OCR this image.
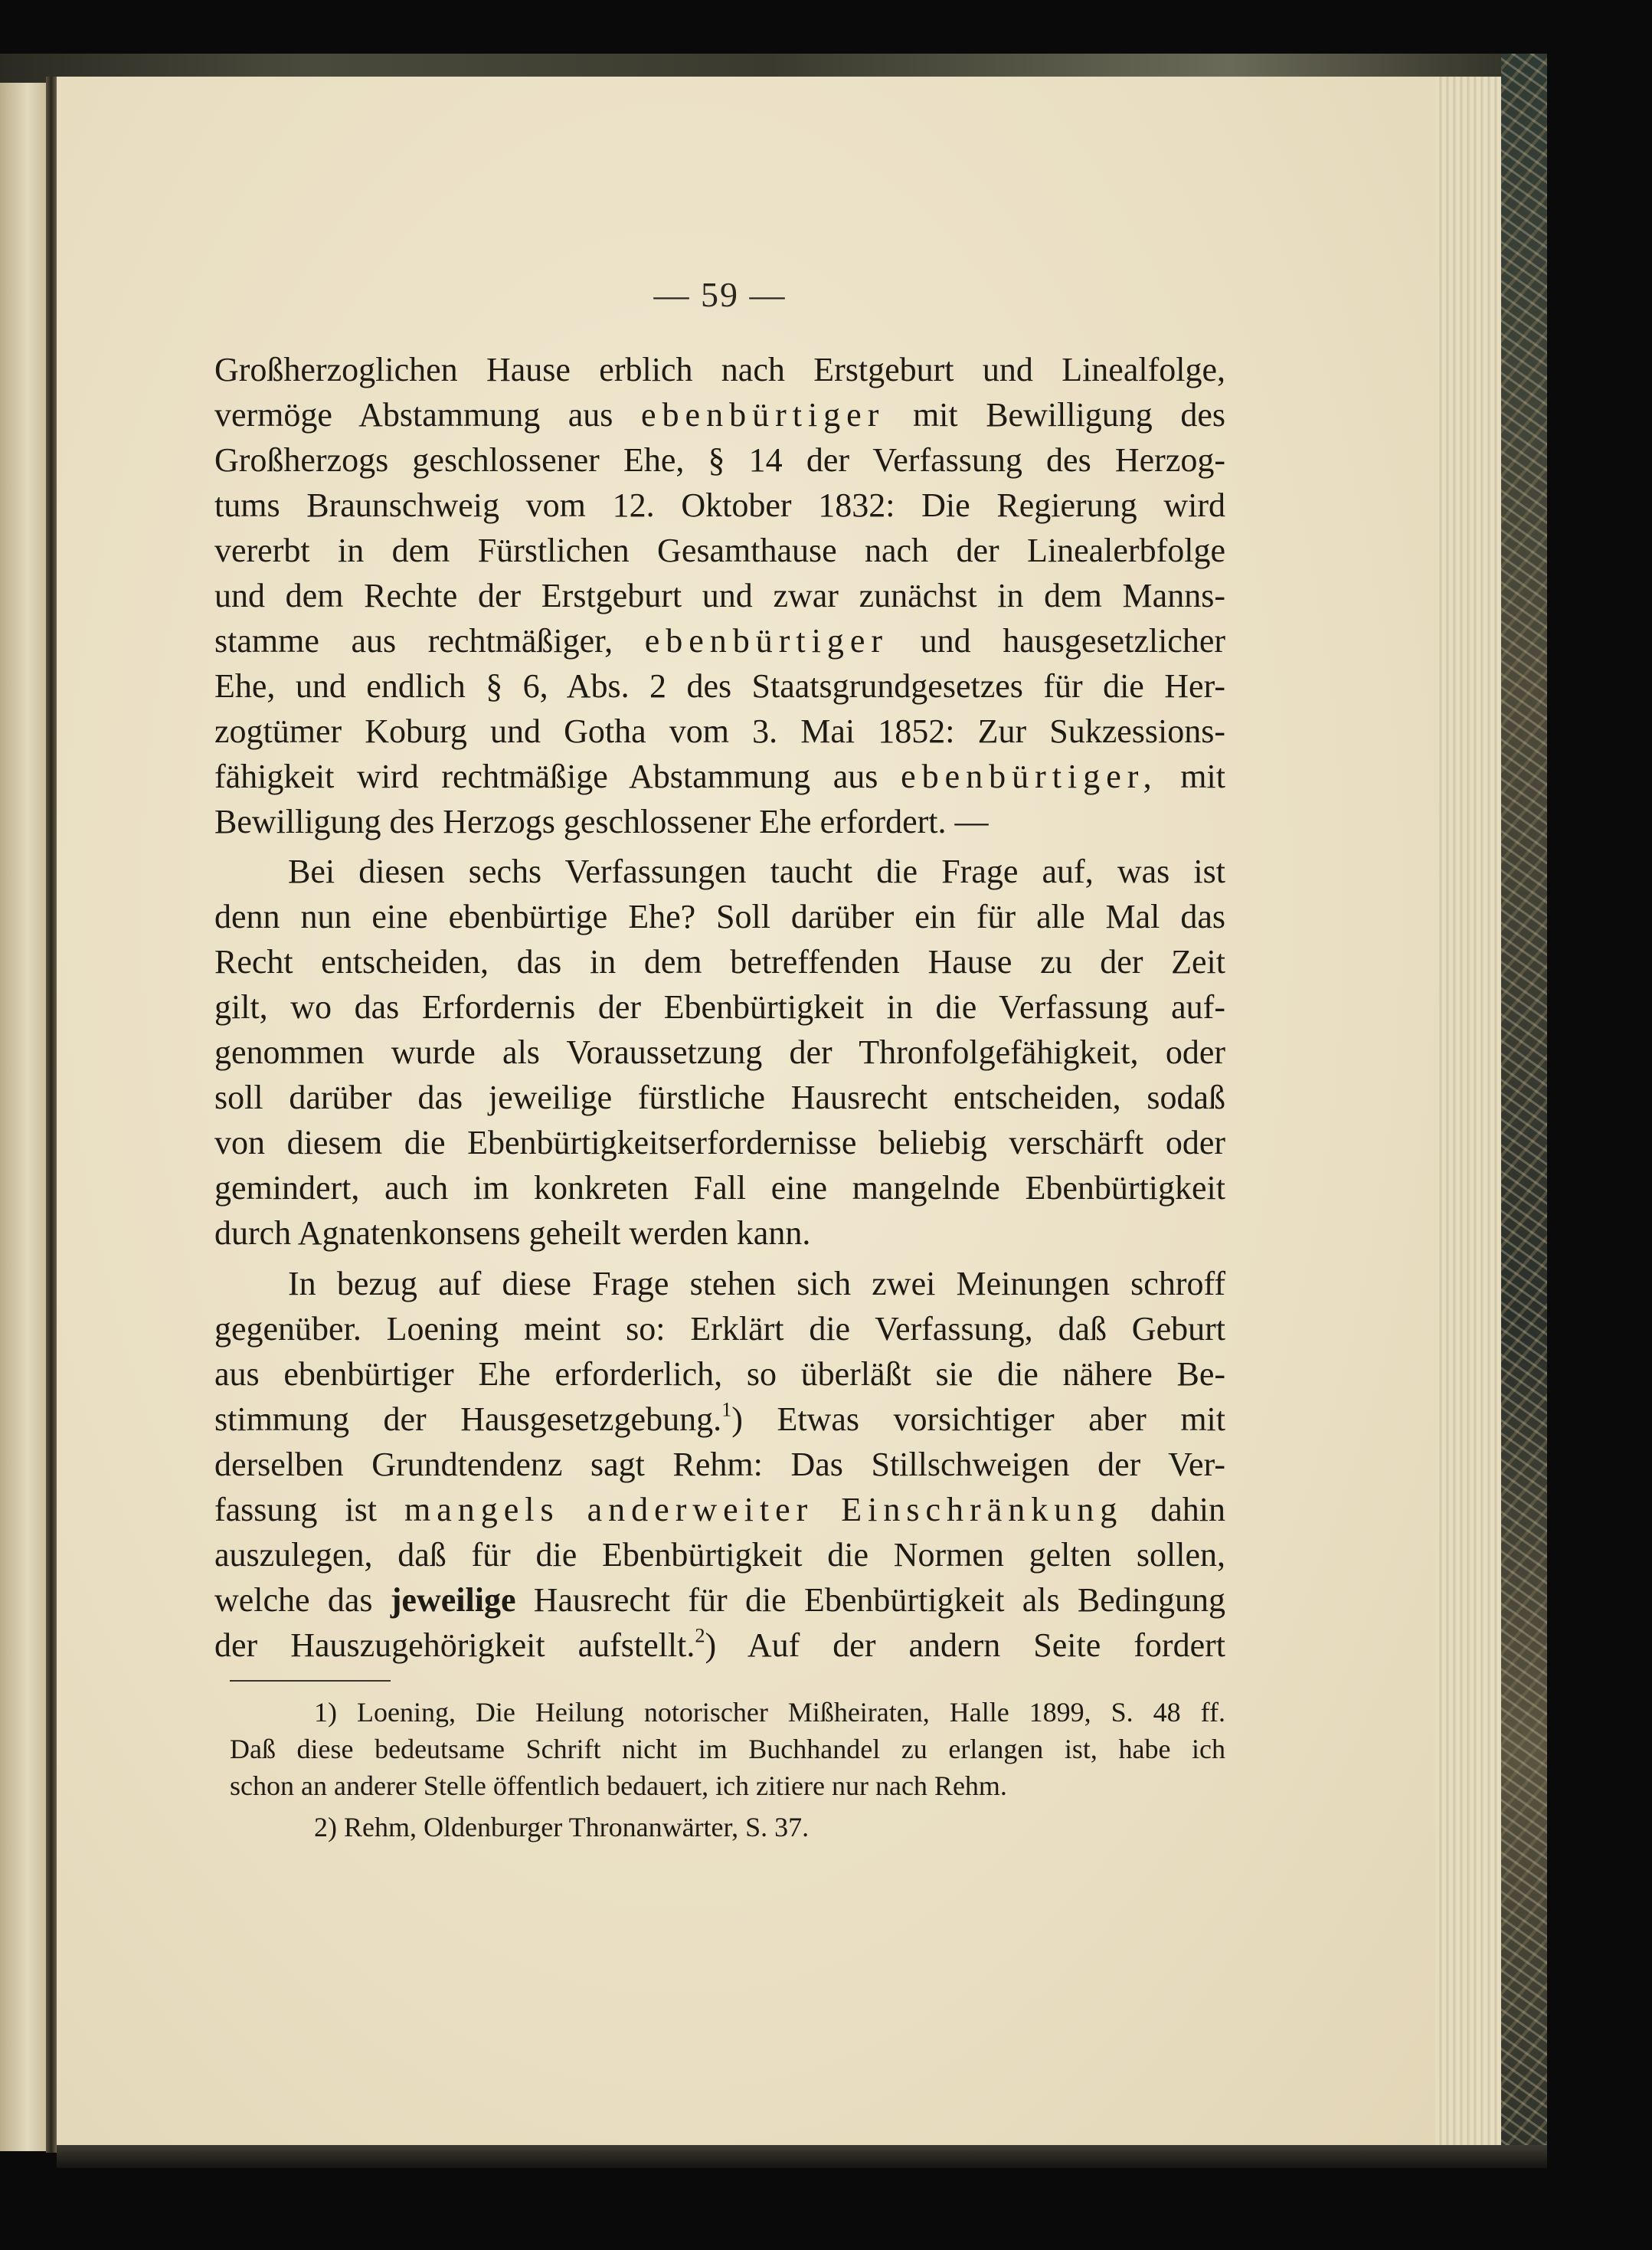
— 59 —
Großherzoglichen Hause erblich nach Erstgeburt und Linealfolge,
vermöge Abstammung aus ebenbürtiger mit Bewilligung des
Großherzogs geschlossener Ehe, § 14 der Verfassung des Herzog-
tums Braunschweig vom 12. Oktober 1832: Die Regierung wird
vererbt in dem Fürstlichen Gesamthause nach der Linealerbfolge
und dem Rechte der Erstgeburt und zwar zunächst in dem Manns-
stamme aus rechtmäßiger, ebenbürtiger und hausgesetzlicher
Ehe, und endlich § 6, Abs. 2 des Staatsgrundgesetzes für die Her-
zogtümer Koburg und Gotha vom 3. Mai 1852: Zur Sukzessions-
fähigkeit wird rechtmäßige Abstammung aus ebenbürtiger, mit
Bewilligung des Herzogs geschlossener Ehe erfordert. —
Bei diesen sechs Verfassungen taucht die Frage auf, was ist
denn nun eine ebenbürtige Ehe? Soll darüber ein für alle Mal das
Recht entscheiden, das in dem betreffenden Hause zu der Zeit
gilt, wo das Erfordernis der Ebenbürtigkeit in die Verfassung auf-
genommen wurde als Voraussetzung der Thronfolgefähigkeit, oder
soll darüber das jeweilige fürstliche Hausrecht entscheiden, sodaß
von diesem die Ebenbürtigkeitserfordernisse beliebig verschärft oder
gemindert, auch im konkreten Fall eine mangelnde Ebenbürtigkeit
durch Agnatenkonsens geheilt werden kann.
In bezug auf diese Frage stehen sich zwei Meinungen schroff
gegenüber. Loening meint so: Erklärt die Verfassung, daß Geburt
aus ebenbürtiger Ehe erforderlich, so überläßt sie die nähere Be-
stimmung der Hausgesetzgebung.$^1$) Etwas vorsichtiger aber mit
derselben Grundtendenz sagt Rehm: Das Stillschweigen der Ver-
fassung ist mangels anderweiter Einschränkung dahin
auszulegen, daß für die Ebenbürtigkeit die Normen gelten sollen,
welche das jeweilige Hausrecht für die Ebenbürtigkeit als Bedingung
der Hauszugehörigkeit aufstellt.$^2$) Auf der andern Seite fordert
1) Loening, Die Heilung notorischer Mißheiraten, Halle 1899, S. 48 ff.
Daß diese bedeutsame Schrift nicht im Buchhandel zu erlangen ist, habe ich
schon an anderer Stelle öffentlich bedauert, ich zitiere nur nach Rehm.
2) Rehm, Oldenburger Thronanwärter, S. 37.
